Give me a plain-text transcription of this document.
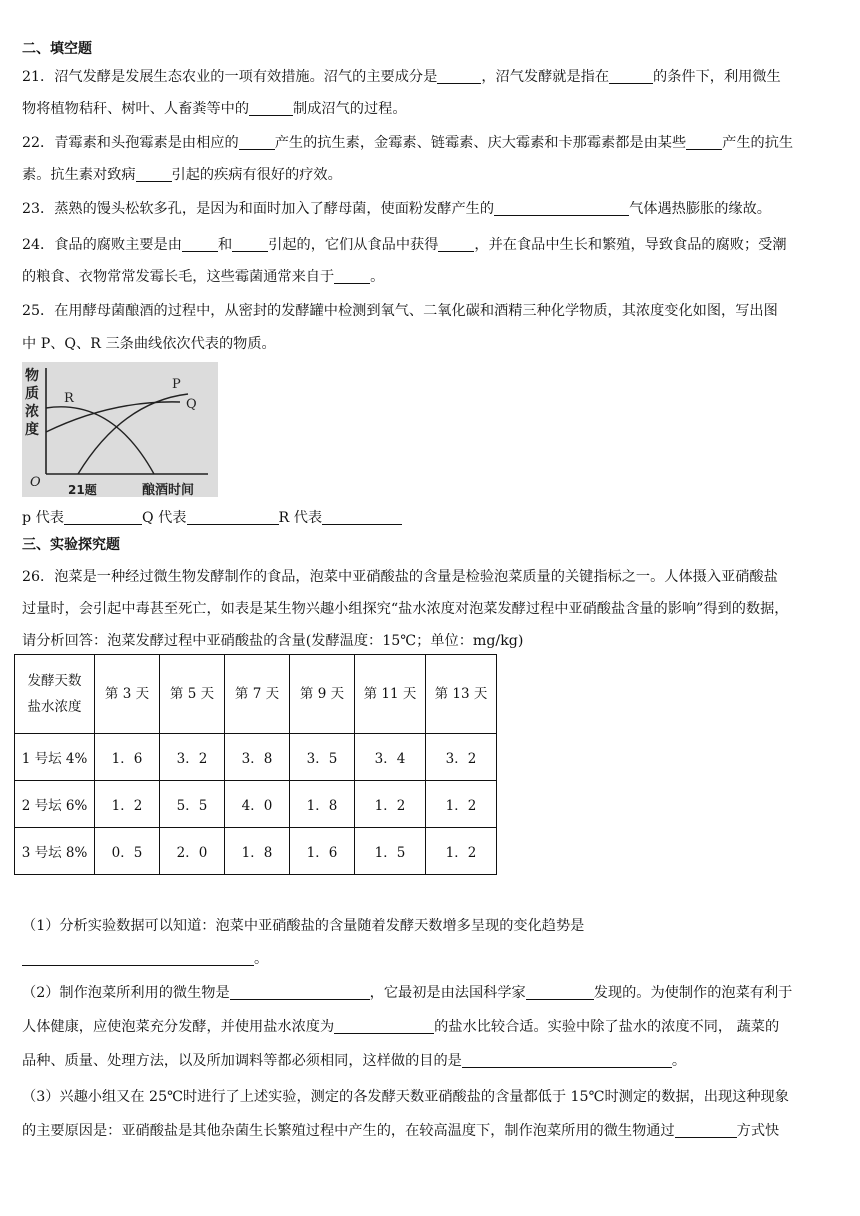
二、填空题
21．沼气发酵是发展生态农业的一项有效措施。沼气的主要成分是	，沼气发酵就是指在	的条件下，利用微生
物将植物秸秆、树叶、人畜粪等中的	制成沼气的过程。
22．青霉素和头孢霉素是由相应的	产生的抗生素，金霉素、链霉素、庆大霉素和卡那霉素都是由某些	产生的抗生
素。抗生素对致病	引起的疾病有很好的疗效。
23．蒸熟的馒头松软多孔，是因为和面时加入了酵母菌，使面粉发酵产生的	气体遇热膨胀的缘故。
24．食品的腐败主要是由	和	引起的，它们从食品中获得	，并在食品中生长和繁殖，导致食品的腐败；受潮
的粮食、衣物常常发霉长毛，这些霉菌通常来自于	。
25．在用酵母菌酿酒的过程中，从密封的发酵罐中检测到氧气、二氧化碳和酒精三种化学物质，其浓度变化如图，写出图
中 P、Q、R 三条曲线依次代表的物质。
物
质
浓
度
P
Q
R
O 21题	酿酒时间
p 代表	Q 代表	R 代表
三、实验探究题
26．泡菜是一种经过微生物发酵制作的食品，泡菜中亚硝酸盐的含量是检验泡菜质量的关键指标之一。人体摄入亚硝酸盐
过量时，会引起中毒甚至死亡，如表是某生物兴趣小组探究“盐水浓度对泡菜发酵过程中亚硝酸盐含量的影响”得到的数据，
请分析回答：泡菜发酵过程中亚硝酸盐的含量(发酵温度：15℃；单位：mg/kg)
发酵天数
盐水浓度	第 3 天	第 5 天	第 7 天	第 9 天	第 11 天	第 13 天
1 号坛 4%	1．6	3．2	3．8	3．5	3．4	3．2
2 号坛 6%	1．2	5．5	4．0	1．8	1．2	1．2
3 号坛 8%	0．5	2．0	1．8	1．6	1．5	1．2
（1）分析实验数据可以知道：泡菜中亚硝酸盐的含量随着发酵天数增多呈现的变化趋势是
。
（2）制作泡菜所利用的微生物是	，它最初是由法国科学家	发现的。为使制作的泡菜有利于
人体健康，应使泡菜充分发酵，并使用盐水浓度为	的盐水比较合适。实验中除了盐水的浓度不同， 蔬菜的
品种、质量、处理方法，以及所加调料等都必须相同，这样做的目的是	。
（3）兴趣小组又在 25℃时进行了上述实验，测定的各发酵天数亚硝酸盐的含量都低于 15℃时测定的数据，出现这种现象
的主要原因是：亚硝酸盐是其他杂菌生长繁殖过程中产生的，在较高温度下，制作泡菜所用的微生物通过	方式快
